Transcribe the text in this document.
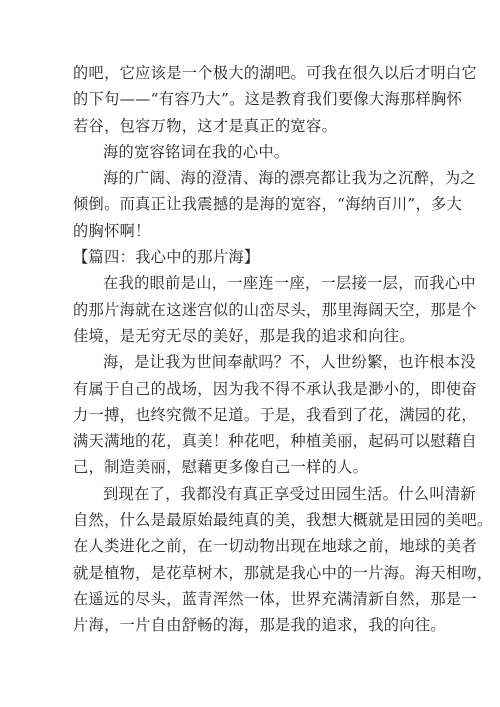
的吧，它应该是一个极大的湖吧。可我在很久以后才明白它
的下句——“有容乃大”。这是教育我们要像大海那样胸怀
若谷，包容万物，这才是真正的宽容。
海的宽容铭词在我的心中。
海的广阔、海的澄清、海的漂亮都让我为之沉醉，为之
倾倒。而真正让我震撼的是海的宽容，“海纳百川”，多大
的胸怀啊！
【篇四：我心中的那片海】
在我的眼前是山，一座连一座，一层接一层，而我心中
的那片海就在这迷宫似的山峦尽头，那里海阔天空，那是个
佳境，是无穷无尽的美好，那是我的追求和向往。
海，是让我为世间奉献吗？不，人世纷繁，也许根本没
有属于自己的战场，因为我不得不承认我是渺小的，即使奋
力一搏，也终究微不足道。于是，我看到了花，满园的花，
满天满地的花，真美！种花吧，种植美丽，起码可以慰藉自
己，制造美丽，慰藉更多像自己一样的人。
到现在了，我都没有真正享受过田园生活。什么叫清新
自然，什么是最原始最纯真的美，我想大概就是田园的美吧。
在人类进化之前，在一切动物出现在地球之前，地球的美者
就是植物，是花草树木，那就是我心中的一片海。海天相吻，
在遥远的尽头，蓝青浑然一体，世界充满清新自然，那是一
片海，一片自由舒畅的海，那是我的追求，我的向往。
